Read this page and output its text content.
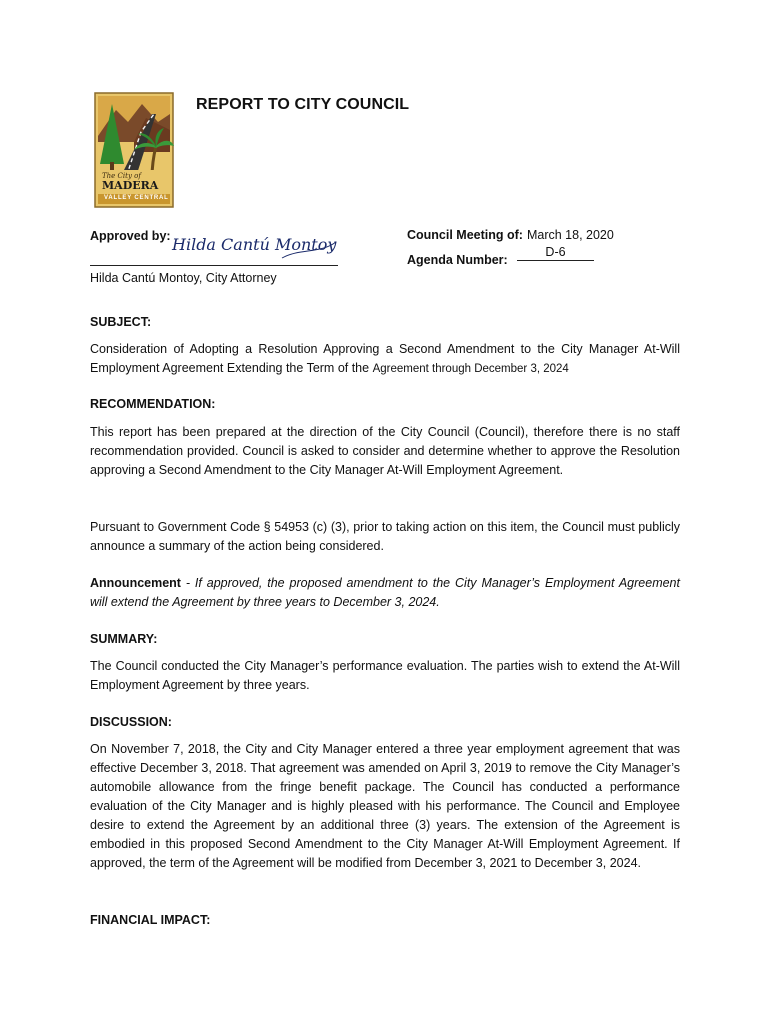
The City of
MADERA
VALLEY CENTRAL
REPORT TO CITY COUNCIL
Approved by: Hilda Cantú Montoy
Hilda Cantú Montoy, City Attorney
Council Meeting of: March 18, 2020
Agenda Number:
D-6
SUBJECT:
Consideration of Adopting a Resolution Approving a Second Amendment to the City Manager At-Will Employment Agreement Extending the Term of the Agreement through December 3, 2024
RECOMMENDATION:
This report has been prepared at the direction of the City Council (Council), therefore there is no staff recommendation provided. Council is asked to consider and determine whether to approve the Resolution approving a Second Amendment to the City Manager At-Will Employment Agreement.
Pursuant to Government Code § 54953 (c) (3), prior to taking action on this item, the Council must publicly announce a summary of the action being considered.
Announcement - If approved, the proposed amendment to the City Manager’s Employment Agreement will extend the Agreement by three years to December 3, 2024.
SUMMARY:
The Council conducted the City Manager’s performance evaluation. The parties wish to extend the At-Will Employment Agreement by three years.
DISCUSSION:
On November 7, 2018, the City and City Manager entered a three year employment agreement that was effective December 3, 2018. That agreement was amended on April 3, 2019 to remove the City Manager’s automobile allowance from the fringe benefit package. The Council has conducted a performance evaluation of the City Manager and is highly pleased with his performance. The Council and Employee desire to extend the Agreement by an additional three (3) years. The extension of the Agreement is embodied in this proposed Second Amendment to the City Manager At-Will Employment Agreement. If approved, the term of the Agreement will be modified from December 3, 2021 to December 3, 2024.
FINANCIAL IMPACT:
